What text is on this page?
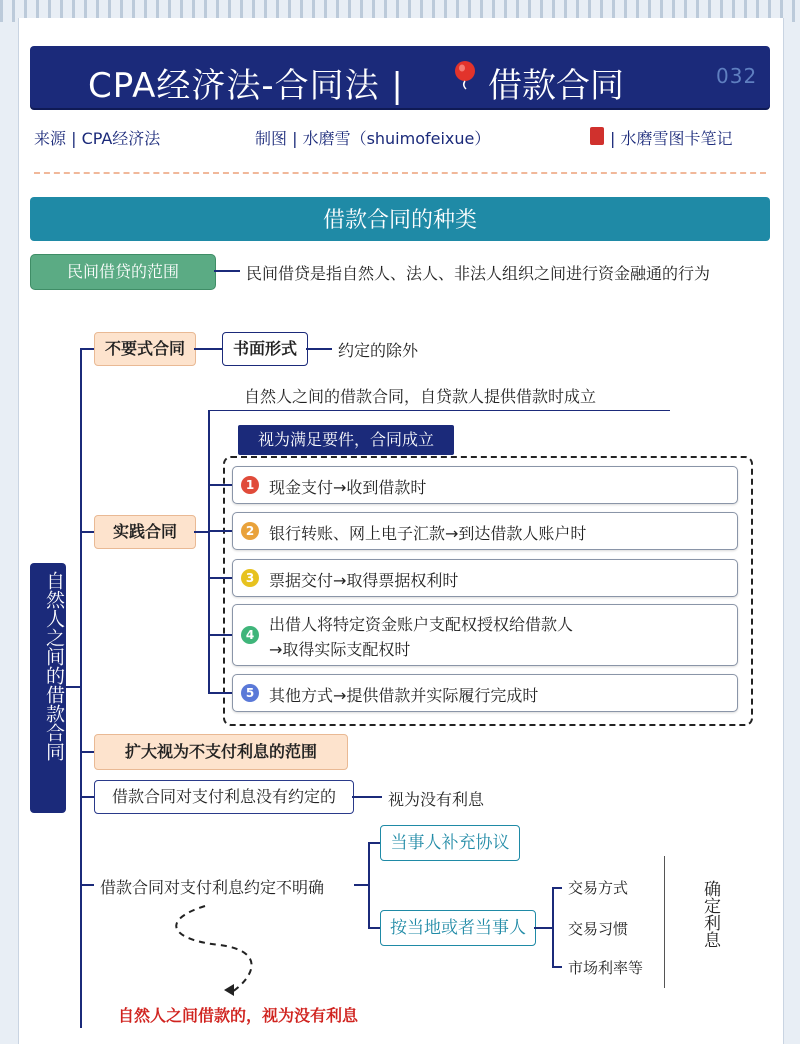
CPA经济法-合同法 | 借款合同	032
来源 | CPA经济法	制图 | 水磨雪（shuimofeixue）	| 水磨雪图卡笔记
借款合同的种类
民间借贷的范围	民间借贷是指自然人、法人、非法人组织之间进行资金融通的行为
自然人之间的借款合同
不要式合同	书面形式	约定的除外
实践合同
自然人之间的借款合同，自贷款人提供借款时成立
视为满足要件，合同成立
1 现金支付→收到借款时
2 银行转账、网上电子汇款→到达借款人账户时
3 票据交付→取得票据权利时
4
出借人将特定资金账户支配权授权给借款人
→取得实际支配权时
5 其他方式→提供借款并实际履行完成时
扩大视为不支付利息的范围
借款合同对支付利息没有约定的	视为没有利息
借款合同对支付利息约定不明确
当事人补充协议
按当地或者当事人
交易方式
交易习惯
市场利率等
确定利息
自然人之间借款的，视为没有利息
